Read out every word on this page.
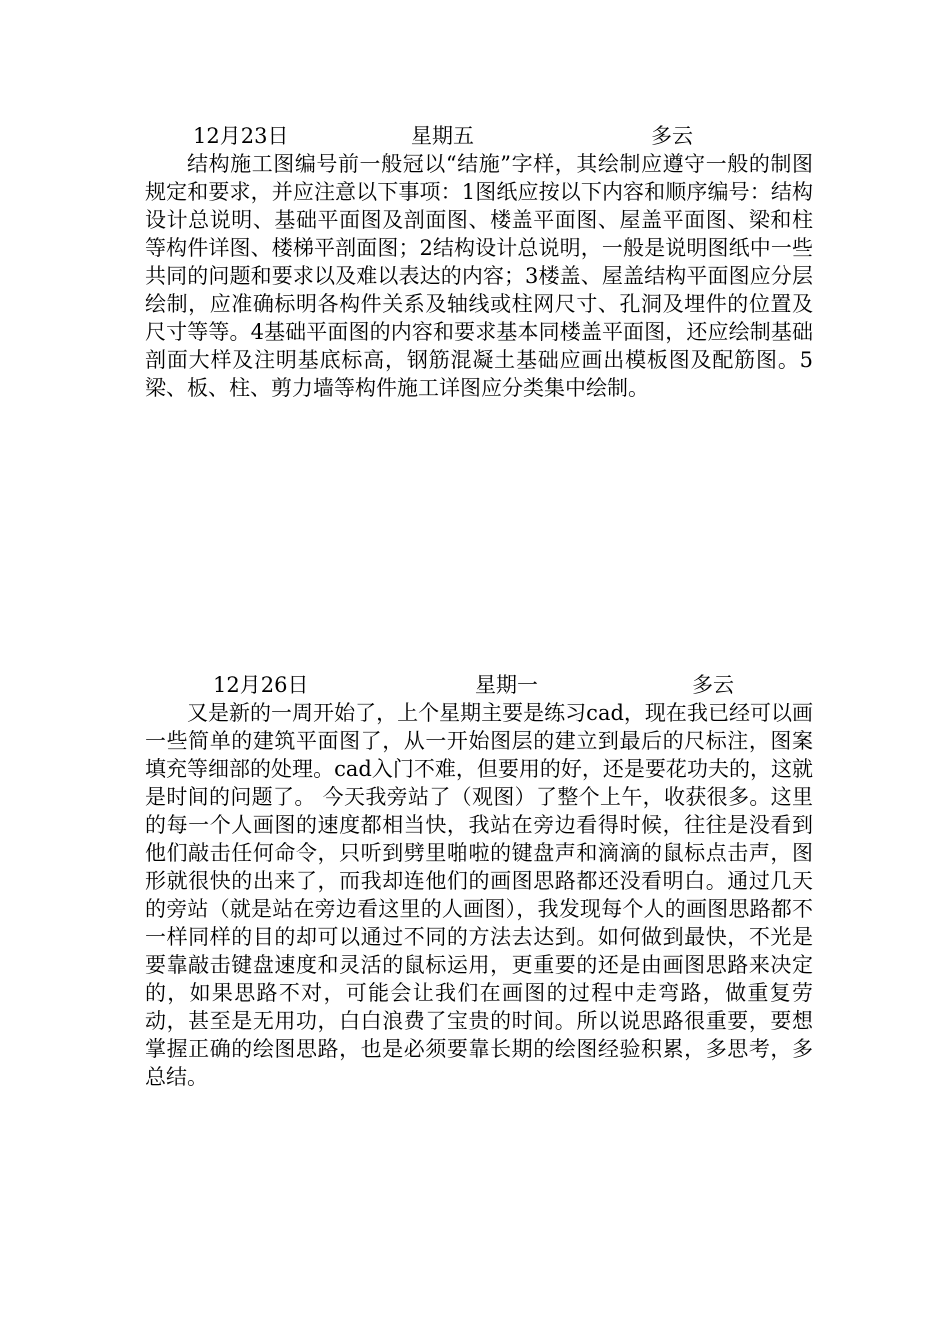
12月23日	星期五	多云

结构施工图编号前一般冠以“结施”字样，其绘制应遵守一般的制图规定和要求，并应注意以下事项：1图纸应按以下内容和顺序编号：结构设计总说明、基础平面图及剖面图、楼盖平面图、屋盖平面图、梁和柱等构件详图、楼梯平剖面图；2结构设计总说明，一般是说明图纸中一些共同的问题和要求以及难以表达的内容；3楼盖、屋盖结构平面图应分层绘制，应准确标明各构件关系及轴线或柱网尺寸、孔洞及埋件的位置及尺寸等等。4基础平面图的内容和要求基本同楼盖平面图，还应绘制基础剖面大样及注明基底标高，钢筋混凝土基础应画出模板图及配筋图。5梁、板、柱、剪力墙等构件施工详图应分类集中绘制。

12月26日	星期一	多云

又是新的一周开始了，上个星期主要是练习cad，现在我已经可以画一些简单的建筑平面图了，从一开始图层的建立到最后的尺标注，图案填充等细部的处理。cad入门不难，但要用的好，还是要花功夫的，这就是时间的问题了。 今天我旁站了（观图）了整个上午，收获很多。这里的每一个人画图的速度都相当快，我站在旁边看得时候，往往是没看到他们敲击任何命令，只听到劈里啪啦的键盘声和滴滴的鼠标点击声，图形就很快的出来了，而我却连他们的画图思路都还没看明白。通过几天的旁站（就是站在旁边看这里的人画图），我发现每个人的画图思路都不一样同样的目的却可以通过不同的方法去达到。如何做到最快，不光是要靠敲击键盘速度和灵活的鼠标运用，更重要的还是由画图思路来决定的，如果思路不对，可能会让我们在画图的过程中走弯路，做重复劳动，甚至是无用功，白白浪费了宝贵的时间。所以说思路很重要，要想掌握正确的绘图思路，也是必须要靠长期的绘图经验积累，多思考，多总结。
